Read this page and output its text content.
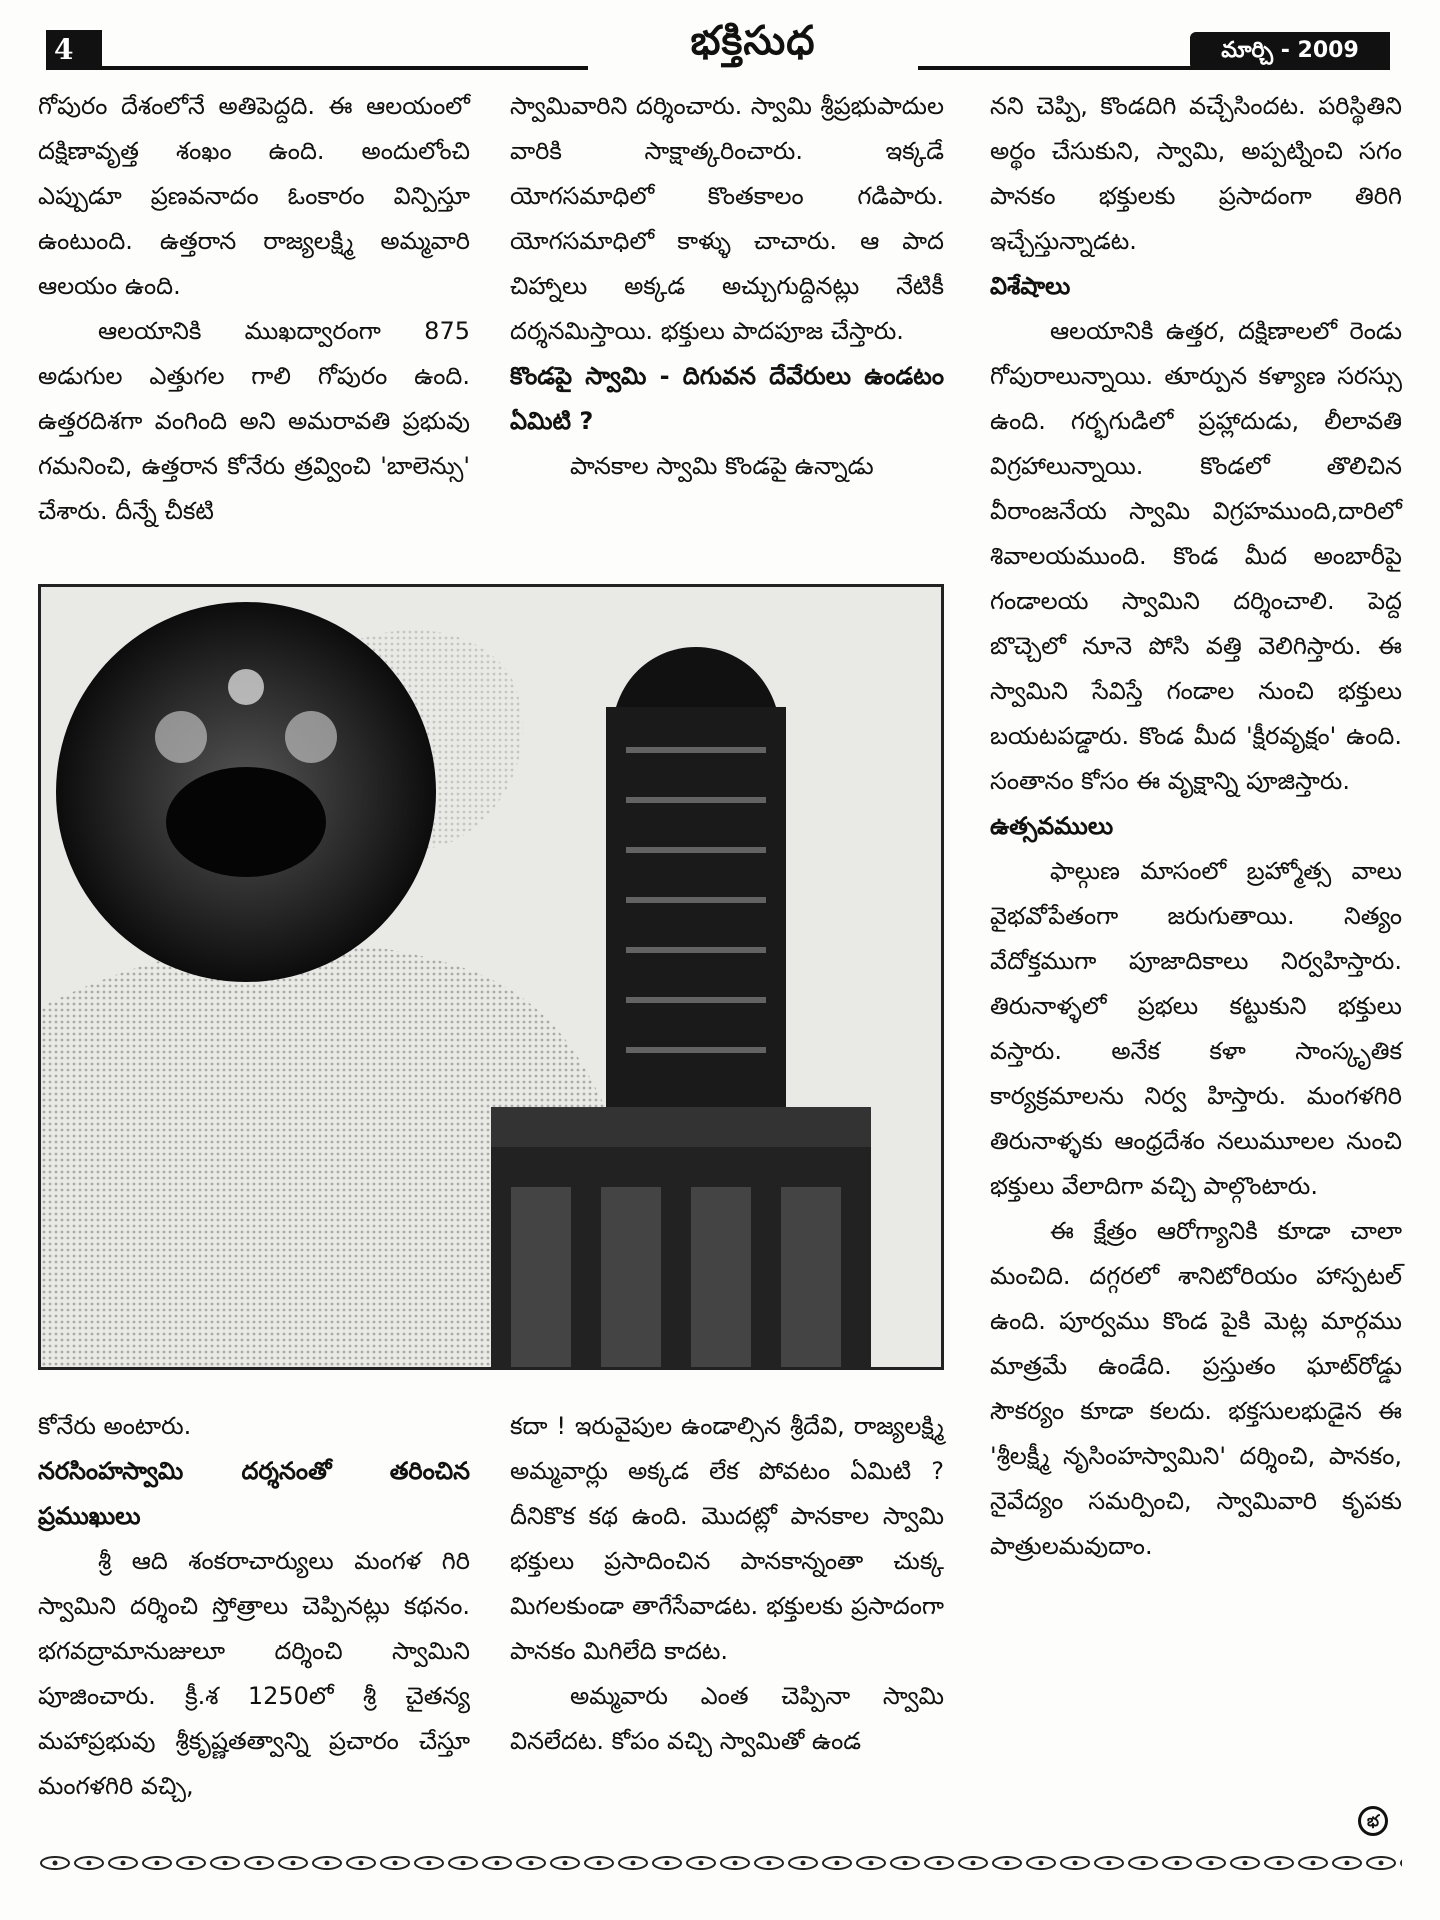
4	భక్తిసుధ	మార్చి - 2009

గోపురం దేశంలోనే అతిపెద్దది. ఈ ఆలయంలో దక్షిణావృత్త శంఖం ఉంది. అందులోంచి ఎప్పుడూ ప్రణవనాదం ఓంకారం విన్పిస్తూ ఉంటుంది. ఉత్తరాన రాజ్యలక్ష్మి అమ్మవారి ఆలయం ఉంది.

ఆలయానికి ముఖద్వారంగా 875 అడుగుల ఎత్తుగల గాలి గోపురం ఉంది. ఉత్తరదిశగా వంగింది అని అమరావతి ప్రభువు గమనించి, ఉత్తరాన కోనేరు త్రవ్వించి 'బాలెన్సు' చేశారు. దీన్నే చీకటి

స్వామివారిని దర్శించారు. స్వామి శ్రీప్రభుపాదుల వారికి సాక్షాత్కరించారు. ఇక్కడే యోగసమాధిలో కొంతకాలం గడిపారు. యోగసమాధిలో కాళ్ళు చాచారు. ఆ పాద చిహ్నాలు అక్కడ అచ్చుగుద్దినట్లు నేటికీ దర్శనమిస్తాయి. భక్తులు పాదపూజ చేస్తారు.

కొండపై స్వామి - దిగువన దేవేరులు ఉండటం ఏమిటి ?

పానకాల స్వామి కొండపై ఉన్నాడు

నని చెప్పి, కొండదిగి వచ్చేసిందట. పరిస్థితిని అర్థం చేసుకుని, స్వామి, అప్పట్నించి సగం పానకం భక్తులకు ప్రసాదంగా తిరిగి ఇచ్చేస్తున్నాడట.

విశేషాలు

ఆలయానికి ఉత్తర, దక్షిణాలలో రెండు గోపురాలున్నాయి. తూర్పున కళ్యాణ సరస్సు ఉంది. గర్భగుడిలో ప్రహ్లాదుడు, లీలావతి విగ్రహాలున్నాయి. కొండలో తొలిచిన వీరాంజనేయ స్వామి విగ్రహముంది,దారిలో శివాలయముంది. కొండ మీద అంబారీపై గండాలయ స్వామిని దర్శించాలి. పెద్ద బొచ్చెలో నూనె పోసి వత్తి వెలిగిస్తారు. ఈ స్వామిని సేవిస్తే గండాల నుంచి భక్తులు బయటపడ్డారు. కొండ మీద 'క్షీరవృక్షం' ఉంది. సంతానం కోసం ఈ వృక్షాన్ని పూజిస్తారు.

ఉత్సవములు

ఫాల్గుణ మాసంలో బ్రహ్మోత్స వాలు వైభవోపేతంగా జరుగుతాయి. నిత్యం వేదోక్తముగా పూజాదికాలు నిర్వహిస్తారు. తిరునాళ్ళలో ప్రభలు కట్టుకుని భక్తులు వస్తారు. అనేక కళా సాంస్కృతిక కార్యక్రమాలను నిర్వ హిస్తారు. మంగళగిరి తిరునాళ్ళకు ఆంధ్రదేశం నలుమూలల నుంచి భక్తులు వేలాదిగా వచ్చి పాల్గొంటారు.

ఈ క్షేత్రం ఆరోగ్యానికి కూడా చాలా మంచిది. దగ్గరలో శానిటోరియం హాస్పటల్ ఉంది. పూర్వము కొండ పైకి మెట్ల మార్గము మాత్రమే ఉండేది. ప్రస్తుతం ఘాట్‌రోడ్డు సౌకర్యం కూడా కలదు. భక్తసులభుడైన ఈ 'శ్రీలక్ష్మీ నృసింహస్వామిని' దర్శించి, పానకం, నైవేద్యం సమర్పించి, స్వామివారి కృపకు పాత్రులమవుదాం.

కోనేరు అంటారు.

నరసింహస్వామి దర్శనంతో తరించిన ప్రముఖులు

శ్రీ ఆది శంకరాచార్యులు మంగళ గిరి స్వామిని దర్శించి స్తోత్రాలు చెప్పినట్లు కథనం. భగవద్రామానుజులూ దర్శించి స్వామిని పూజించారు. క్రీ.శ 1250లో శ్రీ చైతన్య మహాప్రభువు శ్రీకృష్ణతత్వాన్ని ప్రచారం చేస్తూ మంగళగిరి వచ్చి,

కదా ! ఇరువైపుల ఉండాల్సిన శ్రీదేవి, రాజ్యలక్ష్మి అమ్మవార్లు అక్కడ లేక పోవటం ఏమిటి ? దీనికొక కథ ఉంది. మొదట్లో పానకాల స్వామి భక్తులు ప్రసాదించిన పానకాన్నంతా చుక్క మిగలకుండా తాగేసేవాడట. భక్తులకు ప్రసాదంగా పానకం మిగిలేది కాదట.

అమ్మవారు ఎంత చెప్పినా స్వామి వినలేదట. కోపం వచ్చి స్వామితో ఉండ

భ
